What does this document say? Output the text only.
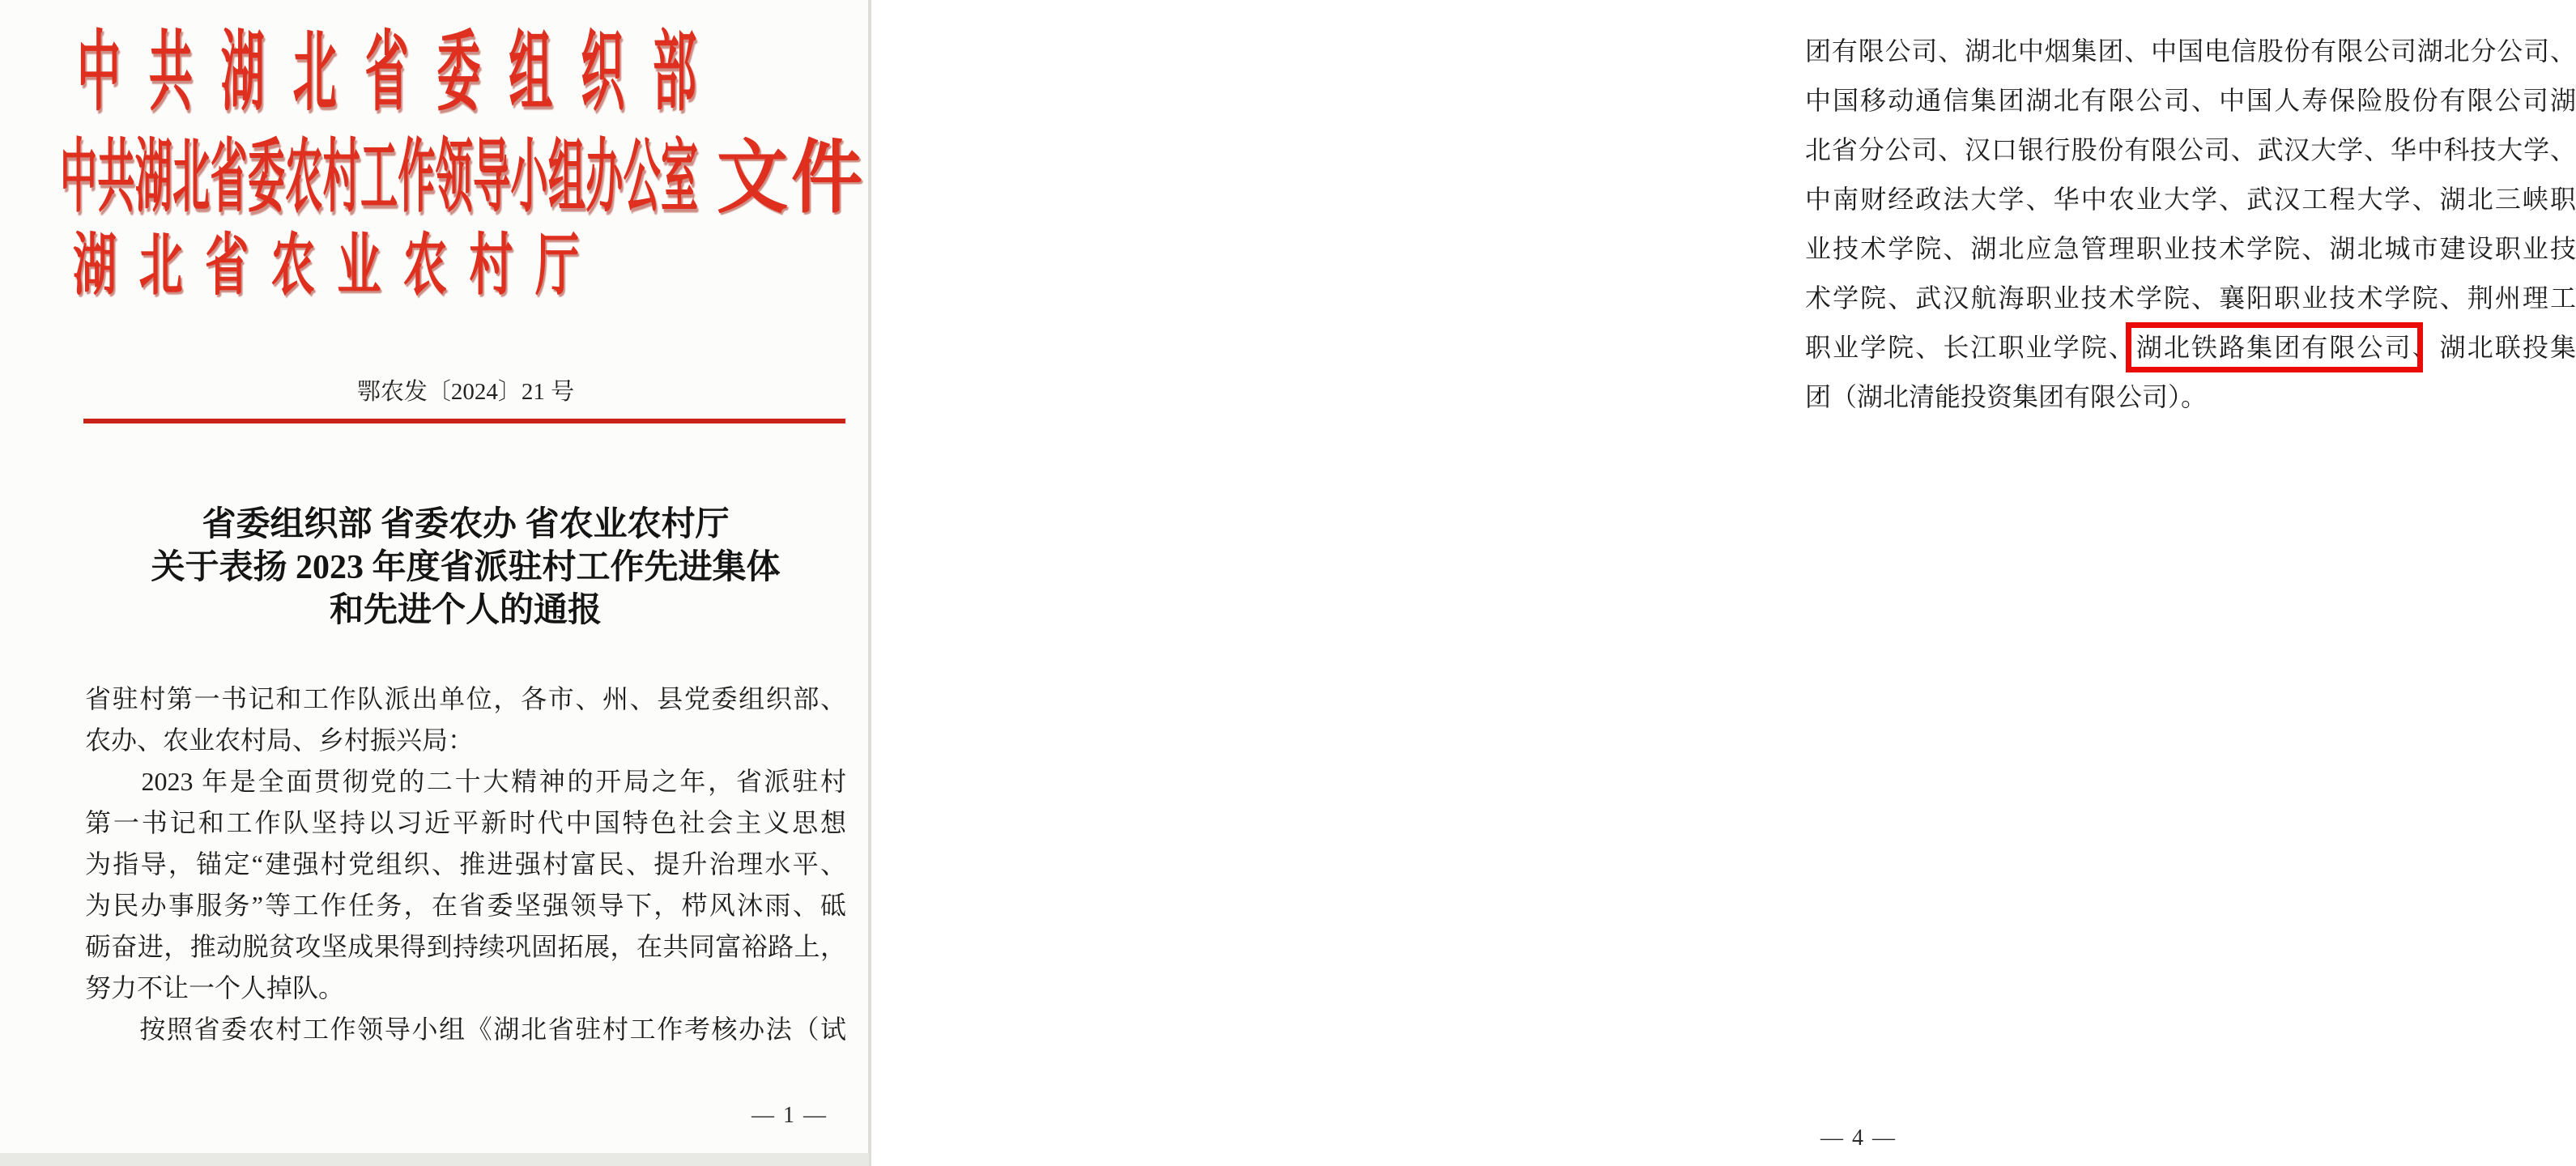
中共湖北省委组织部
中共湖北省委农村工作领导小组办公室 文件
湖北省农业农村厅
鄂农发〔2024〕21 号
省委组织部 省委农办 省农业农村厅
关于表扬 2023 年度省派驻村工作先进集体
和先进个人的通报
省驻村第一书记和工作队派出单位，各市、州、县党委组织部、
农办、农业农村局、乡村振兴局：
　　2023 年是全面贯彻党的二十大精神的开局之年，省派驻村
第一书记和工作队坚持以习近平新时代中国特色社会主义思想
为指导，锚定“建强村党组织、推进强村富民、提升治理水平、
为民办事服务”等工作任务，在省委坚强领导下，栉风沐雨、砥
砺奋进，推动脱贫攻坚成果得到持续巩固拓展，在共同富裕路上，
努力不让一个人掉队。
　　按照省委农村工作领导小组《湖北省驻村工作考核办法（试
— 1 —
团有限公司、湖北中烟集团、中国电信股份有限公司湖北分公司、
中国移动通信集团湖北有限公司、中国人寿保险股份有限公司湖
北省分公司、汉口银行股份有限公司、武汉大学、华中科技大学、
中南财经政法大学、华中农业大学、武汉工程大学、湖北三峡职
业技术学院、湖北应急管理职业技术学院、湖北城市建设职业技
术学院、武汉航海职业技术学院、襄阳职业技术学院、荆州理工
职业学院、长江职业学院、湖北铁路集团有限公司、湖北联投集
团（湖北清能投资集团有限公司）。
— 4 —
